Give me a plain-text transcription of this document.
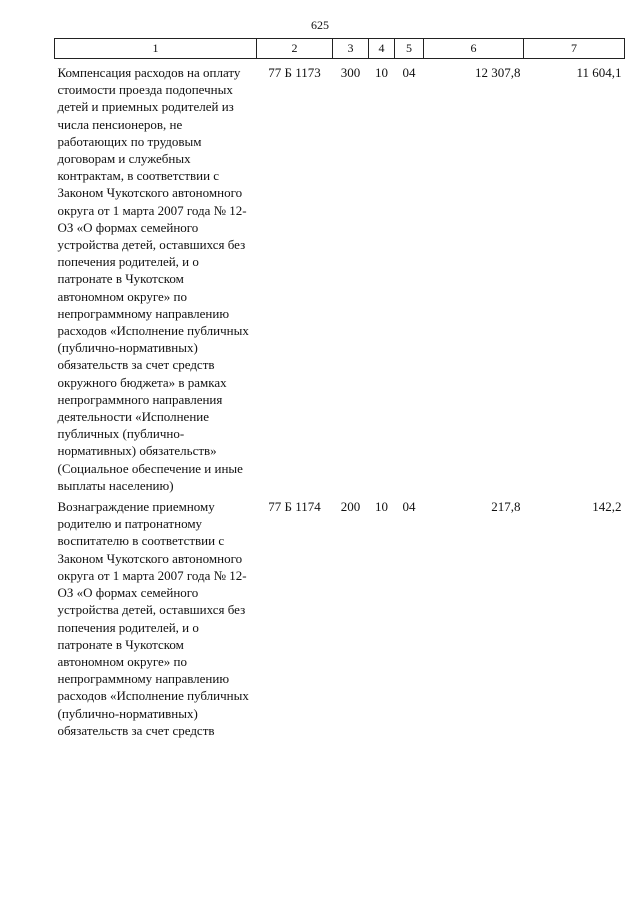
625
1	2	3	4	5	6	7
Компенсация расходов на оплату стоимости проезда подопечных детей и приемных родителей из числа пенсионеров, не работающих по трудовым договорам и служебных контрактам, в соответствии с Законом Чукотского автономного округа от 1 марта 2007 года № 12-ОЗ «О формах семейного устройства детей, оставшихся без попечения родителей, и о патронате в Чукотском автономном округе» по непрограммному направлению расходов «Исполнение публичных (публично-нормативных) обязательств за счет средств окружного бюджета» в рамках непрограммного направления деятельности «Исполнение публичных (публично-нормативных) обязательств» (Социальное обеспечение и иные выплаты населению)	77 Б 1173	300	10	04	12 307,8	11 604,1
Вознаграждение приемному родителю и патронатному воспитателю в соответствии с Законом Чукотского автономного округа от 1 марта 2007 года № 12-ОЗ «О формах семейного устройства детей, оставшихся без попечения родителей, и о патронате в Чукотском автономном округе» по непрограммному направлению расходов «Исполнение публичных (публично-нормативных) обязательств за счет средств	77 Б 1174	200	10	04	217,8	142,2
